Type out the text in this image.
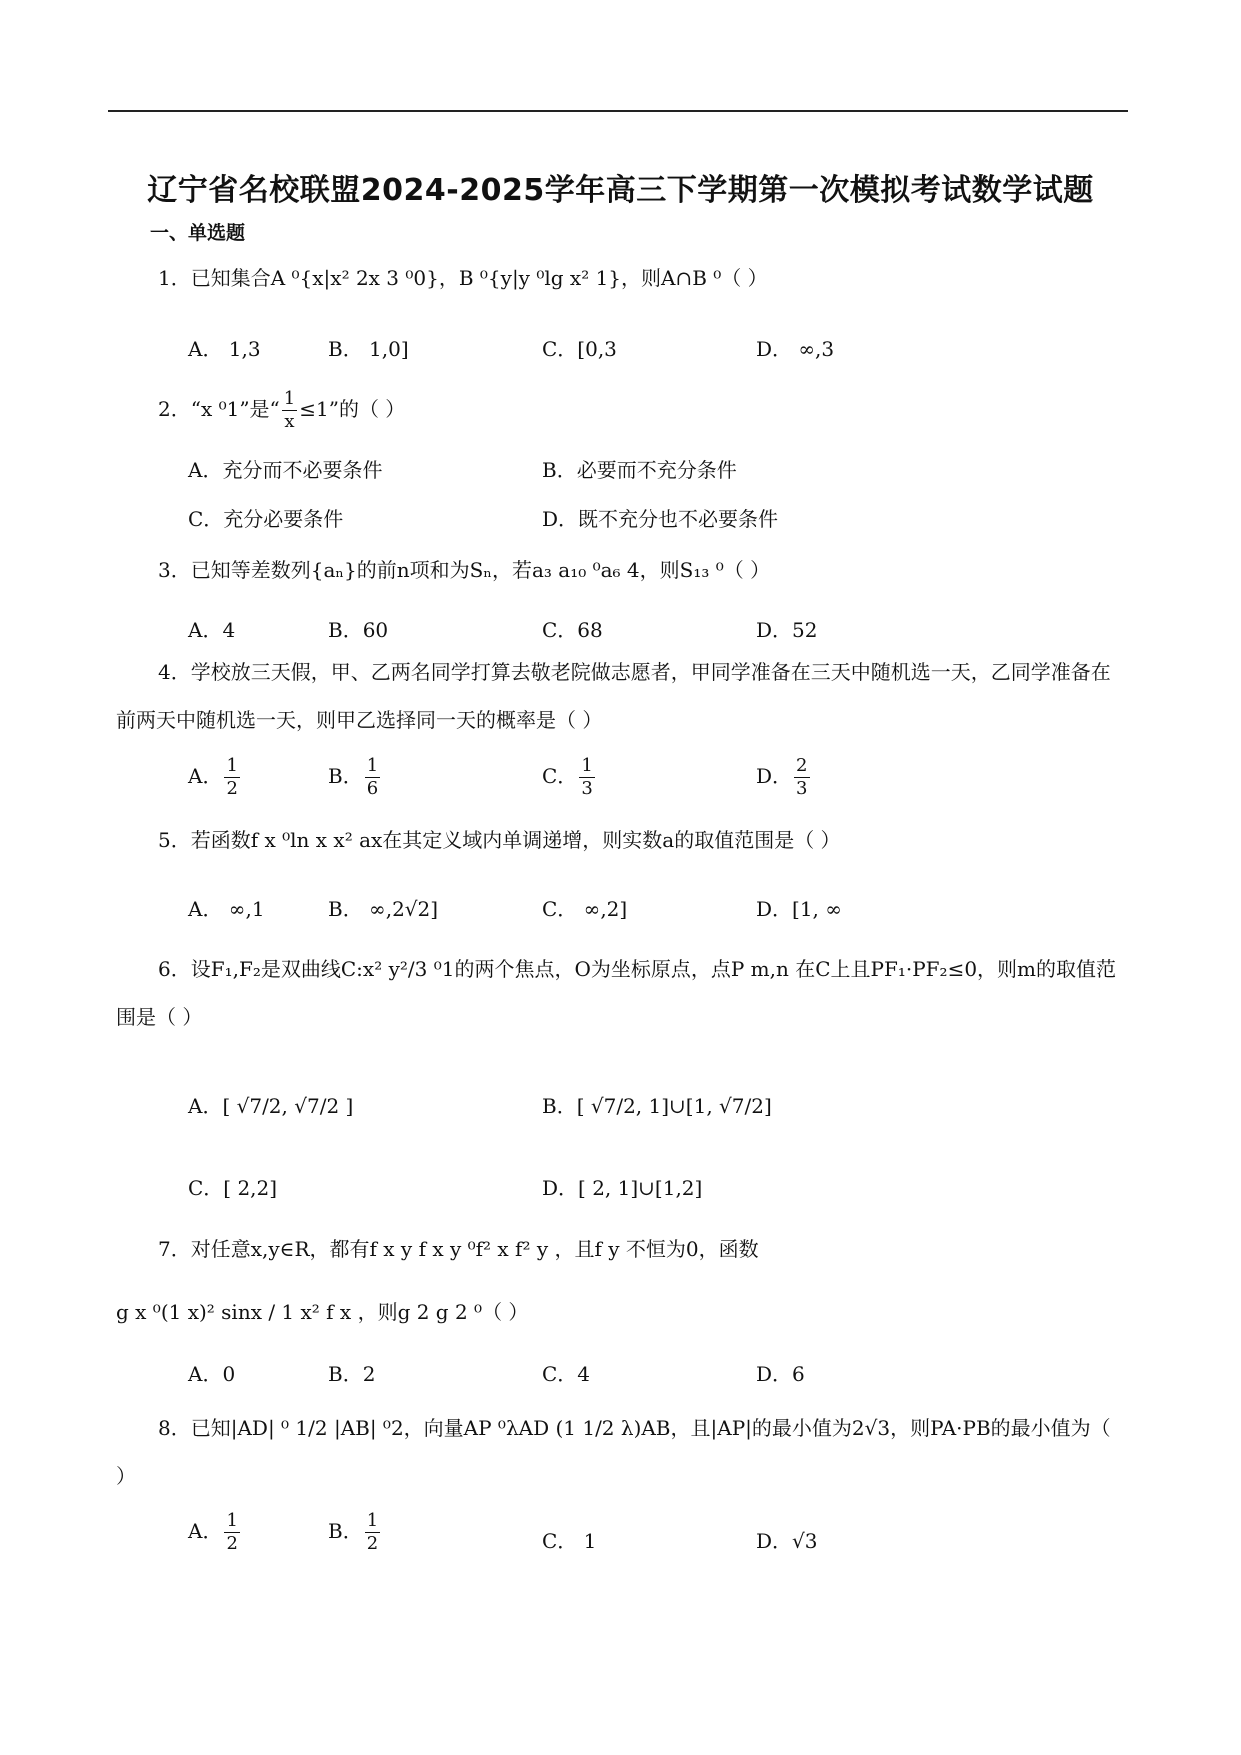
辽宁省名校联盟2024-2025学年高三下学期第一次模拟考试数学试题
一、单选题
1．已知集合A ⁰{x|x² 2x 3 ⁰0}，B ⁰{y|y ⁰lg x² 1}，则A∩B ⁰（ ）
A． 1,3	B． 1,0]	C．[0,3	D． ∞,3
2．“x ⁰1”是“ $\frac{1}{x} \le 1$”的（ ）
A．充分而不必要条件	B．必要而不充分条件
C．充分必要条件	D．既不充分也不必要条件
3．已知等差数列{aₙ}的前n项和为Sₙ，若a₃ a₁₀ ⁰a₆ 4，则S₁₃ ⁰（ ）
A．4	B．60	C．68	D．52
4．学校放三天假，甲、乙两名同学打算去敬老院做志愿者，甲同学准备在三天中随机选一天，乙同学准备在前两天中随机选一天，则甲乙选择同一天的概率是（ ）
A． $\frac{1}{2}$	B． $\frac{1}{6}$	C． $\frac{1}{3}$	D． $\frac{2}{3}$
5．若函数f x ⁰ln x x² ax在其定义域内单调递增，则实数a的取值范围是（ ）
A． ∞,1	B． ∞,2√2]	C． ∞,2]	D．[1, ∞
6．设F₁,F₂是双曲线C:x² y²/3 ⁰1的两个焦点，O为坐标原点，点P m,n 在C上且PF₁·PF₂≤0，则m的取值范围是（ ）
A．[ √7/2, √7/2 ]	B．[ √7/2, 1]∪[1, √7/2]
C．[ 2,2]	D．[ 2, 1]∪[1,2]
7．对任意x,y∈R，都有f x y f x y ⁰f² x f² y ，且f y 不恒为0，函数
g x ⁰(1 x)² sinx / 1 x² f x ，则g 2 g 2 ⁰（ ）
A．0	B．2	C．4	D．6
8．已知|AD| ⁰ 1/2 |AB| ⁰2，向量AP ⁰λAD (1 1/2 λ)AB，且|AP|的最小值为2√3，则PA·PB的最小值为（ ）
A． $\frac{1}{2}$	B． $\frac{1}{2}$	C． 1	D．√3
